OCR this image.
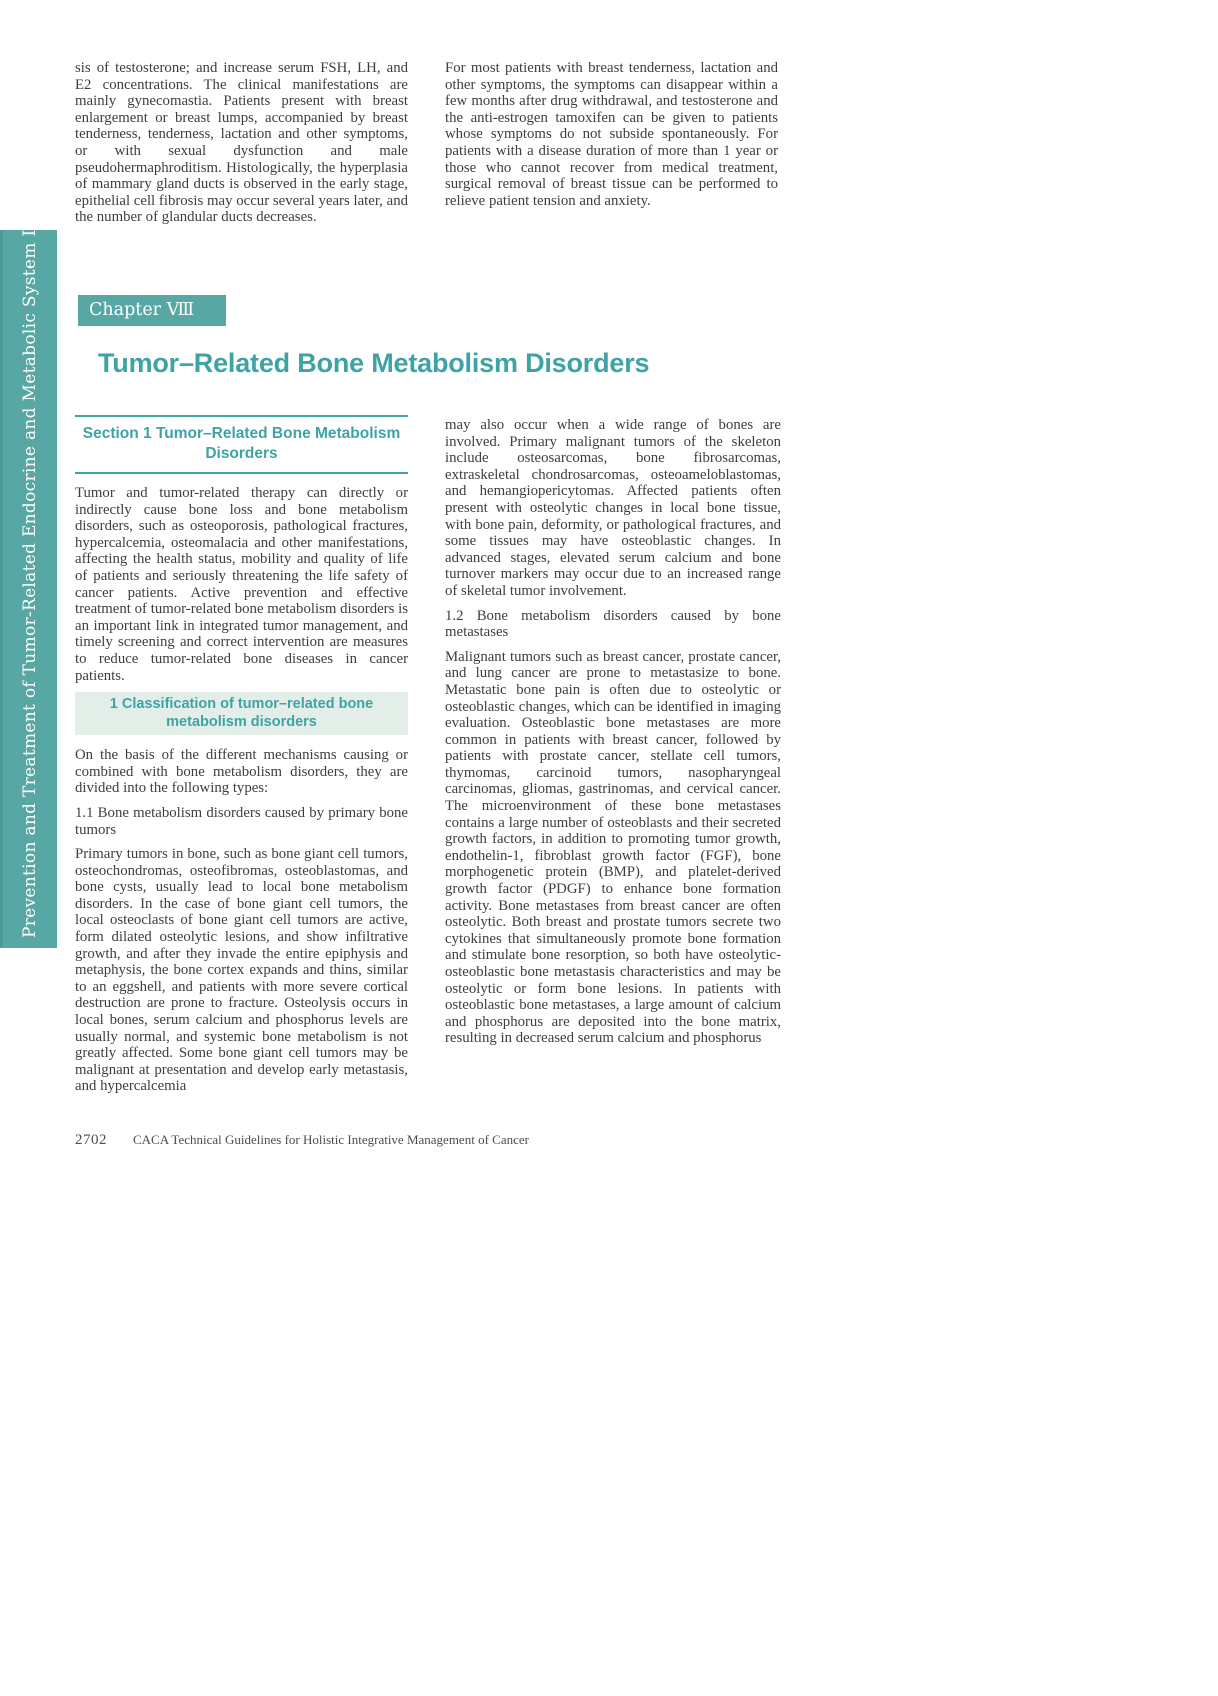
Prevention and Treatment of Tumor-Related Endocrine and Metabolic System Damage

sis of testosterone; and increase serum FSH, LH, and E2 concentrations. The clinical manifestations are mainly gynecomastia. Patients present with breast enlargement or breast lumps, accompanied by breast tenderness, tenderness, lactation and other symptoms, or with sexual dysfunction and male pseudohermaphroditism. Histologically, the hyperplasia of mammary gland ducts is observed in the early stage, epithelial cell fibrosis may occur several years later, and the number of glandular ducts decreases.

For most patients with breast tenderness, lactation and other symptoms, the symptoms can disappear within a few months after drug withdrawal, and testosterone and the anti-estrogen tamoxifen can be given to patients whose symptoms do not subside spontaneously. For patients with a disease duration of more than 1 year or those who cannot recover from medical treatment, surgical removal of breast tissue can be performed to relieve patient tension and anxiety.

Chapter Ⅷ
Tumor–Related Bone Metabolism Disorders
Section 1 Tumor–Related Bone Metabolism Disorders

Tumor and tumor-related therapy can directly or indirectly cause bone loss and bone metabolism disorders, such as osteoporosis, pathological fractures, hypercalcemia, osteomalacia and other manifestations, affecting the health status, mobility and quality of life of patients and seriously threatening the life safety of cancer patients. Active prevention and effective treatment of tumor-related bone metabolism disorders is an important link in integrated tumor management, and timely screening and correct intervention are measures to reduce tumor-related bone diseases in cancer patients.

1 Classification of tumor–related bone metabolism disorders

On the basis of the different mechanisms causing or combined with bone metabolism disorders, they are divided into the following types:

1.1 Bone metabolism disorders caused by primary bone tumors

Primary tumors in bone, such as bone giant cell tumors, osteochondromas, osteofibromas, osteoblastomas, and bone cysts, usually lead to local bone metabolism disorders. In the case of bone giant cell tumors, the local osteoclasts of bone giant cell tumors are active, form dilated osteolytic lesions, and show infiltrative growth, and after they invade the entire epiphysis and metaphysis, the bone cortex expands and thins, similar to an eggshell, and patients with more severe cortical destruction are prone to fracture. Osteolysis occurs in local bones, serum calcium and phosphorus levels are usually normal, and systemic bone metabolism is not greatly affected. Some bone giant cell tumors may be malignant at presentation and develop early metastasis, and hypercalcemia

may also occur when a wide range of bones are involved. Primary malignant tumors of the skeleton include osteosarcomas, bone fibrosarcomas, extraskeletal chondrosarcomas, osteoameloblastomas, and hemangiopericytomas. Affected patients often present with osteolytic changes in local bone tissue, with bone pain, deformity, or pathological fractures, and some tissues may have osteoblastic changes. In advanced stages, elevated serum calcium and bone turnover markers may occur due to an increased range of skeletal tumor involvement.

1.2 Bone metabolism disorders caused by bone metastases

Malignant tumors such as breast cancer, prostate cancer, and lung cancer are prone to metastasize to bone. Metastatic bone pain is often due to osteolytic or osteoblastic changes, which can be identified in imaging evaluation. Osteoblastic bone metastases are more common in patients with breast cancer, followed by patients with prostate cancer, stellate cell tumors, thymomas, carcinoid tumors, nasopharyngeal carcinomas, gliomas, gastrinomas, and cervical cancer. The microenvironment of these bone metastases contains a large number of osteoblasts and their secreted growth factors, in addition to promoting tumor growth, endothelin-1, fibroblast growth factor (FGF), bone morphogenetic protein (BMP), and platelet-derived growth factor (PDGF) to enhance bone formation activity. Bone metastases from breast cancer are often osteolytic. Both breast and prostate tumors secrete two cytokines that simultaneously promote bone formation and stimulate bone resorption, so both have osteolytic-osteoblastic bone metastasis characteristics and may be osteolytic or form bone lesions. In patients with osteoblastic bone metastases, a large amount of calcium and phosphorus are deposited into the bone matrix, resulting in decreased serum calcium and phosphorus

2702 CACA Technical Guidelines for Holistic Integrative Management of Cancer
